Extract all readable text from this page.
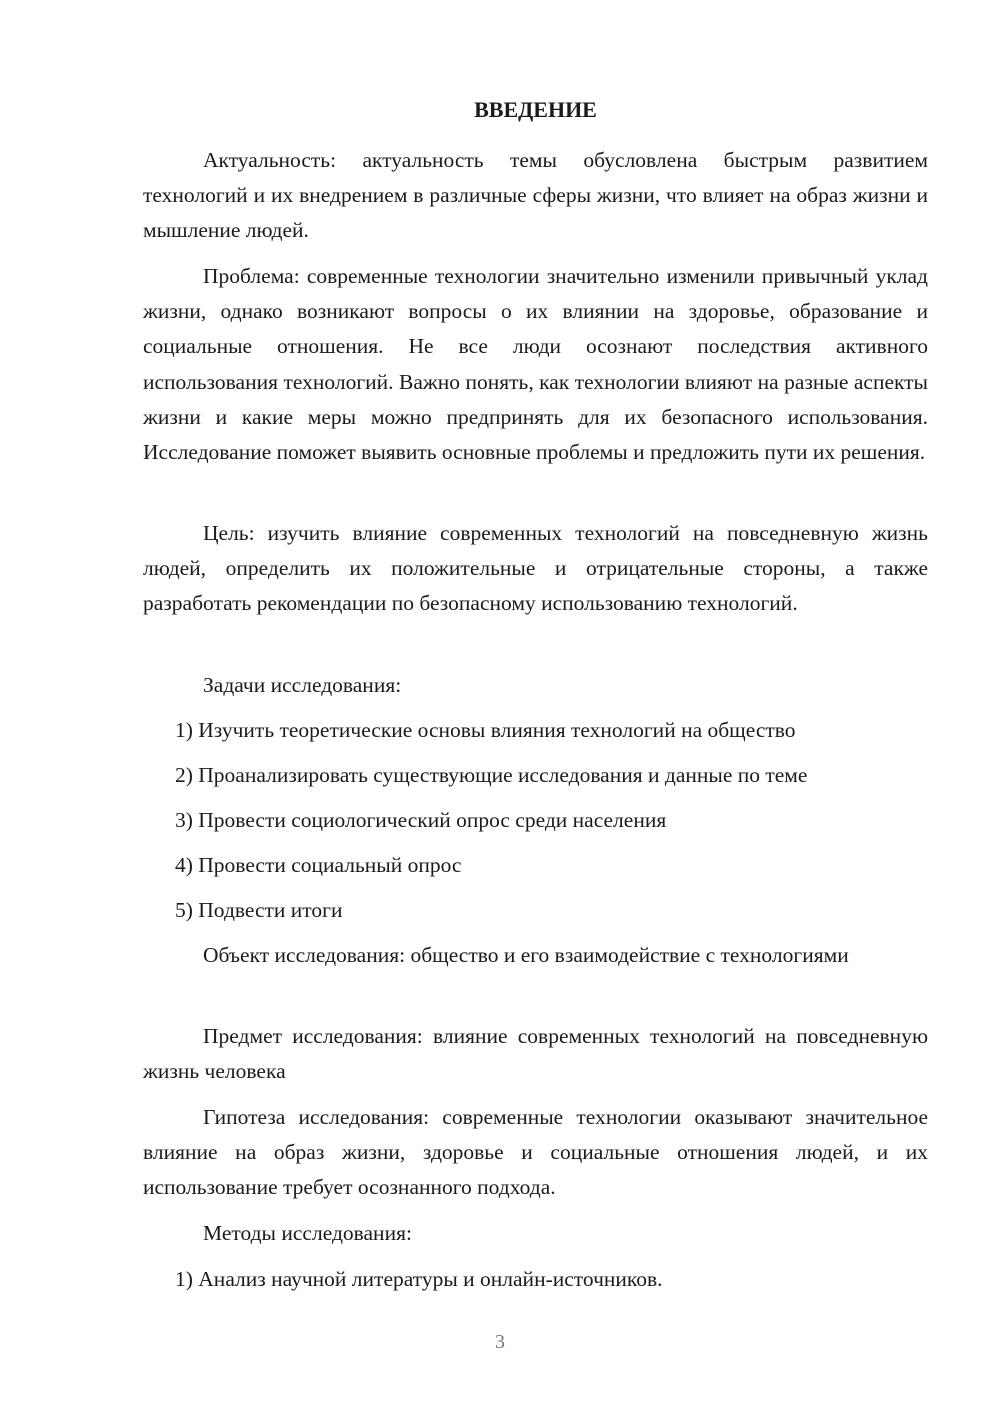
ВВЕДЕНИЕ

Актуальность: актуальность темы обусловлена быстрым развитием технологий и их внедрением в различные сферы жизни, что влияет на образ жизни и мышление людей.

Проблема: современные технологии значительно изменили привычный уклад жизни, однако возникают вопросы о их влиянии на здоровье, образование и социальные отношения. Не все люди осознают последствия активного использования технологий. Важно понять, как технологии влияют на разные аспекты жизни и какие меры можно предпринять для их безопасного использования. Исследование поможет выявить основные проблемы и предложить пути их решения.

Цель: изучить влияние современных технологий на повседневную жизнь людей, определить их положительные и отрицательные стороны, а также разработать рекомендации по безопасному использованию технологий.

Задачи исследования:

1) Изучить теоретические основы влияния технологий на общество

2) Проанализировать существующие исследования и данные по теме

3) Провести социологический опрос среди населения

4) Провести социальный опрос

5) Подвести итоги

Объект исследования: общество и его взаимодействие с технологиями

Предмет исследования: влияние современных технологий на повседневную жизнь человека

Гипотеза исследования: современные технологии оказывают значительное влияние на образ жизни, здоровье и социальные отношения людей, и их использование требует осознанного подхода.

Методы исследования:

1) Анализ научной литературы и онлайн-источников.

3
